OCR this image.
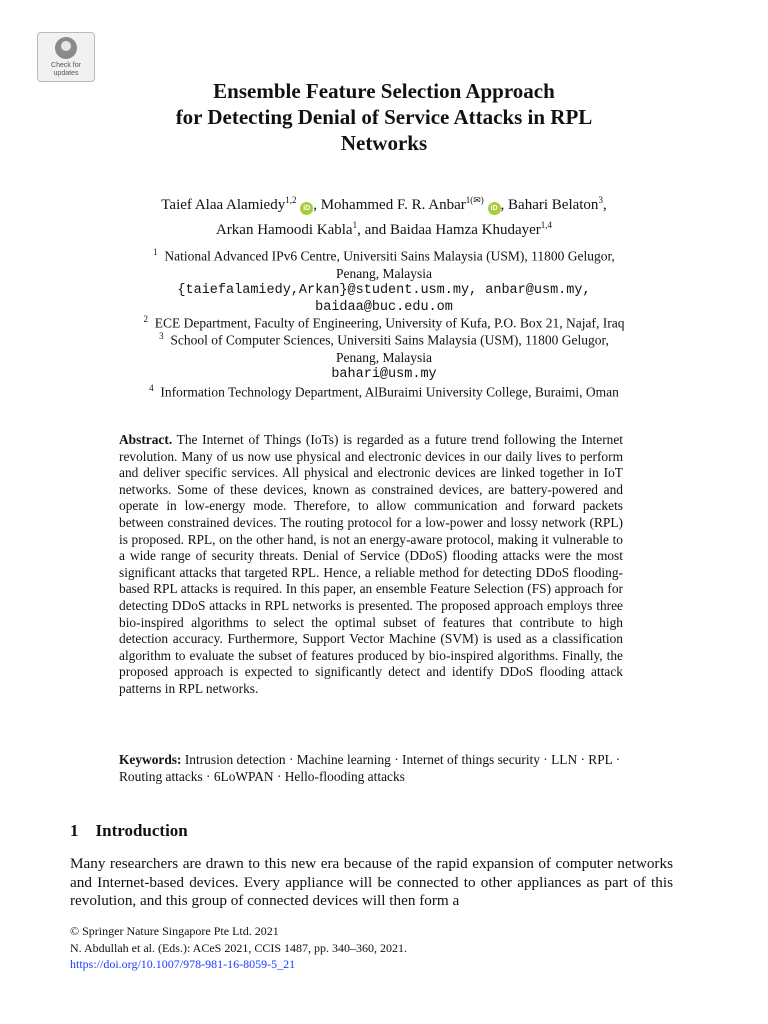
Check for
updates
Ensemble Feature Selection Approach
for Detecting Denial of Service Attacks in RPL
Networks
Taief Alaa Alamiedy$^{1,2}$ iD , Mohammed F. R. Anbar$^{1(✉)}$ iD , Bahari Belaton$^3$,
Arkan Hamoodi Kabla$^1$, and Baidaa Hamza Khudayer$^{1,4}$
$^1$ National Advanced IPv6 Centre, Universiti Sains Malaysia (USM), 11800 Gelugor,
Penang, Malaysia
{taiefalamiedy,Arkan}@student.usm.my, anbar@usm.my,
baidaa@buc.edu.om
$^2$ ECE Department, Faculty of Engineering, University of Kufa, P.O. Box 21, Najaf, Iraq
$^3$ School of Computer Sciences, Universiti Sains Malaysia (USM), 11800 Gelugor,
Penang, Malaysia
bahari@usm.my
$^4$ Information Technology Department, AlBuraimi University College, Buraimi, Oman
Abstract. The Internet of Things (IoTs) is regarded as a future trend following the Internet revolution. Many of us now use physical and electronic devices in our daily lives to perform and deliver specific services. All physical and electronic devices are linked together in IoT networks. Some of these devices, known as constrained devices, are battery-powered and operate in low-energy mode. Therefore, to allow communication and forward packets between constrained devices. The routing protocol for a low-power and lossy network (RPL) is proposed. RPL, on the other hand, is not an energy-aware protocol, making it vulnerable to a wide range of security threats. Denial of Service (DDoS) flooding attacks were the most significant attacks that targeted RPL. Hence, a reliable method for detecting DDoS flooding-based RPL attacks is required. In this paper, an ensemble Feature Selection (FS) approach for detecting DDoS attacks in RPL networks is presented. The proposed approach employs three bio-inspired algorithms to select the optimal subset of features that contribute to high detection accuracy. Furthermore, Support Vector Machine (SVM) is used as a classification algorithm to evaluate the subset of features produced by bio-inspired algorithms. Finally, the proposed approach is expected to significantly detect and identify DDoS flooding attack patterns in RPL networks.
Keywords: Intrusion detection · Machine learning · Internet of things security · LLN · RPL · Routing attacks · 6LoWPAN · Hello-flooding attacks
1 Introduction
Many researchers are drawn to this new era because of the rapid expansion of computer networks and Internet-based devices. Every appliance will be connected to other appliances as part of this revolution, and this group of connected devices will then form a
© Springer Nature Singapore Pte Ltd. 2021
N. Abdullah et al. (Eds.): ACeS 2021, CCIS 1487, pp. 340–360, 2021.
https://doi.org/10.1007/978-981-16-8059-5_21
